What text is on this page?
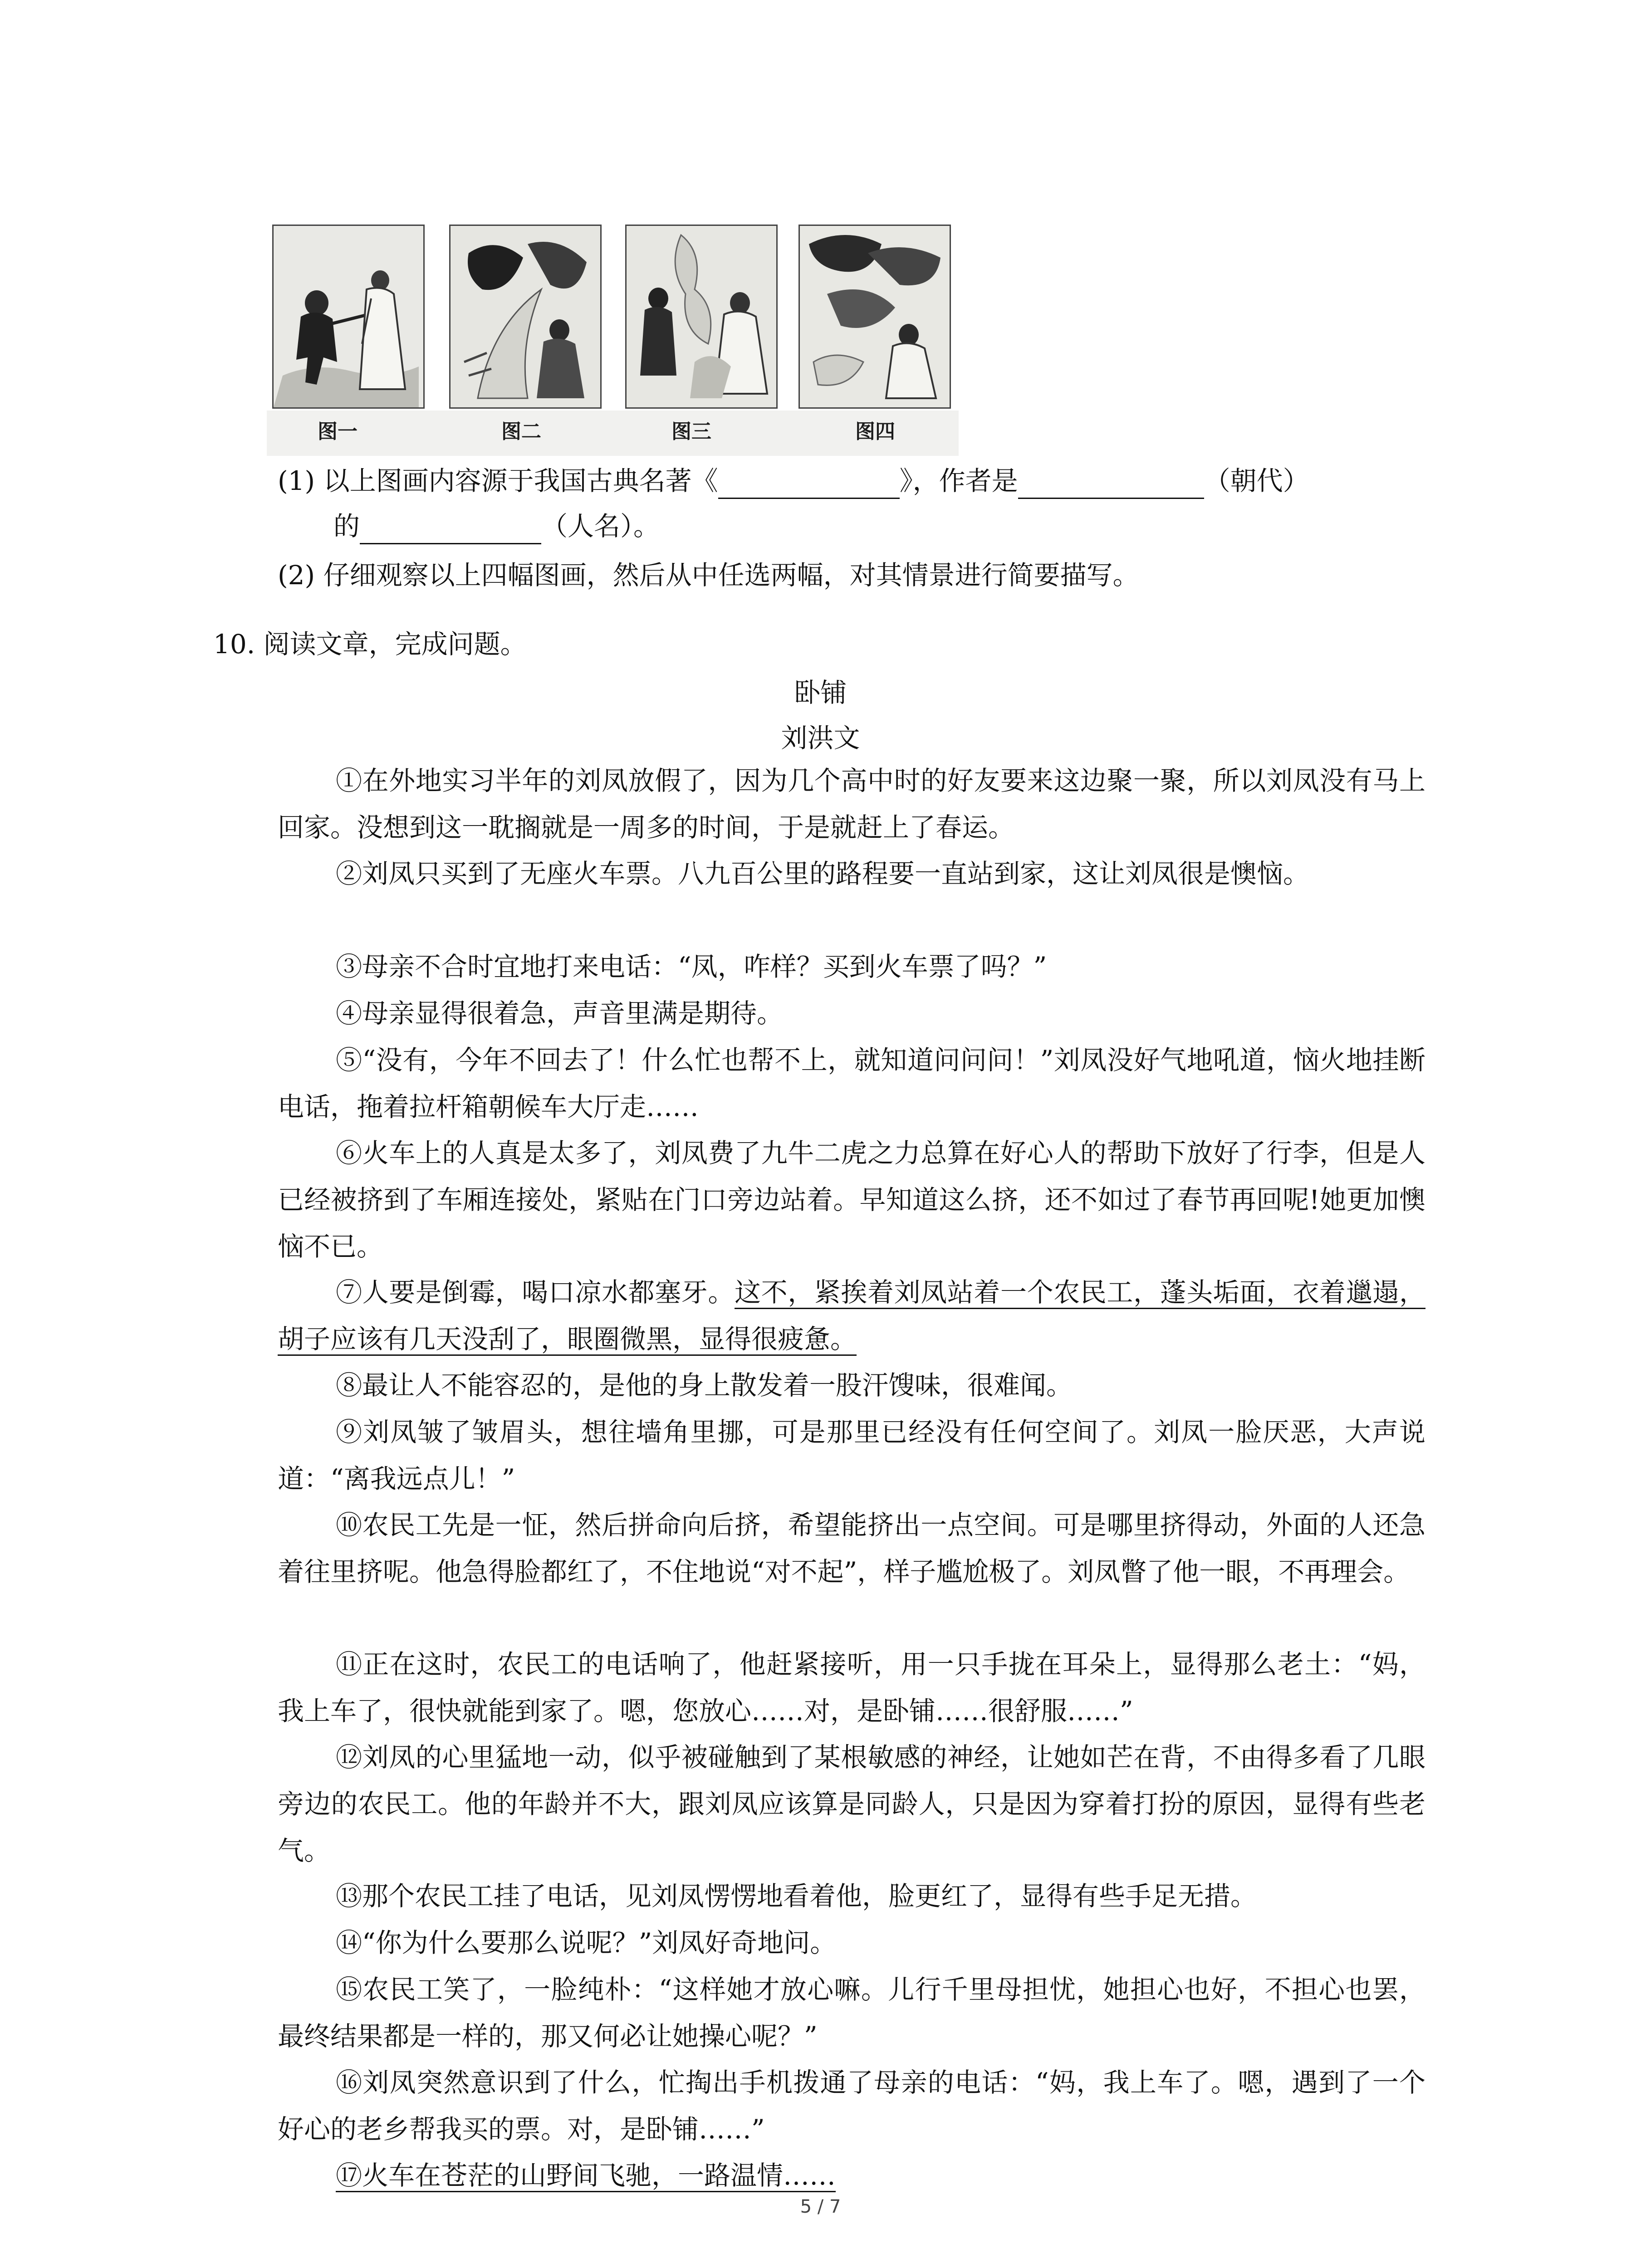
图一	图二	图三	图四
(1) 以上图画内容源于我国古典名著《	》，作者是	（朝代）
的	（人名）。
(2) 仔细观察以上四幅图画，然后从中任选两幅，对其情景进行简要描写。
10. 阅读文章，完成问题。
卧铺
刘洪文
①在外地实习半年的刘凤放假了，因为几个高中时的好友要来这边聚一聚，所以刘凤没有马上回家。没想到这一耽搁就是一周多的时间，于是就赶上了春运。
②刘凤只买到了无座火车票。八九百公里的路程要一直站到家，这让刘凤很是懊恼。
③母亲不合时宜地打来电话：“凤，咋样？买到火车票了吗？”
④母亲显得很着急，声音里满是期待。
⑤“没有，今年不回去了！什么忙也帮不上，就知道问问问！”刘凤没好气地吼道，恼火地挂断电话，拖着拉杆箱朝候车大厅走……
⑥火车上的人真是太多了，刘凤费了九牛二虎之力总算在好心人的帮助下放好了行李，但是人已经被挤到了车厢连接处，紧贴在门口旁边站着。早知道这么挤，还不如过了春节再回呢!她更加懊恼不已。
⑦人要是倒霉，喝口凉水都塞牙。这不，紧挨着刘凤站着一个农民工，蓬头垢面，衣着邋遢，胡子应该有几天没刮了，眼圈微黑，显得很疲惫。
⑧最让人不能容忍的，是他的身上散发着一股汗馊味，很难闻。
⑨刘凤皱了皱眉头，想往墙角里挪，可是那里已经没有任何空间了。刘凤一脸厌恶，大声说道：“离我远点儿！”
⑩农民工先是一怔，然后拼命向后挤，希望能挤出一点空间。可是哪里挤得动，外面的人还急着往里挤呢。他急得脸都红了，不住地说“对不起”，样子尴尬极了。刘凤瞥了他一眼，不再理会。
⑪正在这时，农民工的电话响了，他赶紧接听，用一只手拢在耳朵上，显得那么老土：“妈，我上车了，很快就能到家了。嗯，您放心……对，是卧铺……很舒服……”
⑫刘凤的心里猛地一动，似乎被碰触到了某根敏感的神经，让她如芒在背，不由得多看了几眼旁边的农民工。他的年龄并不大，跟刘凤应该算是同龄人，只是因为穿着打扮的原因，显得有些老气。
⑬那个农民工挂了电话，见刘凤愣愣地看着他，脸更红了，显得有些手足无措。
⑭“你为什么要那么说呢？”刘凤好奇地问。
⑮农民工笑了，一脸纯朴：“这样她才放心嘛。儿行千里母担忧，她担心也好，不担心也罢，最终结果都是一样的，那又何必让她操心呢？”
⑯刘凤突然意识到了什么，忙掏出手机拨通了母亲的电话：“妈，我上车了。嗯，遇到了一个好心的老乡帮我买的票。对，是卧铺……”
⑰火车在苍茫的山野间飞驰，一路温情……
5 / 7
